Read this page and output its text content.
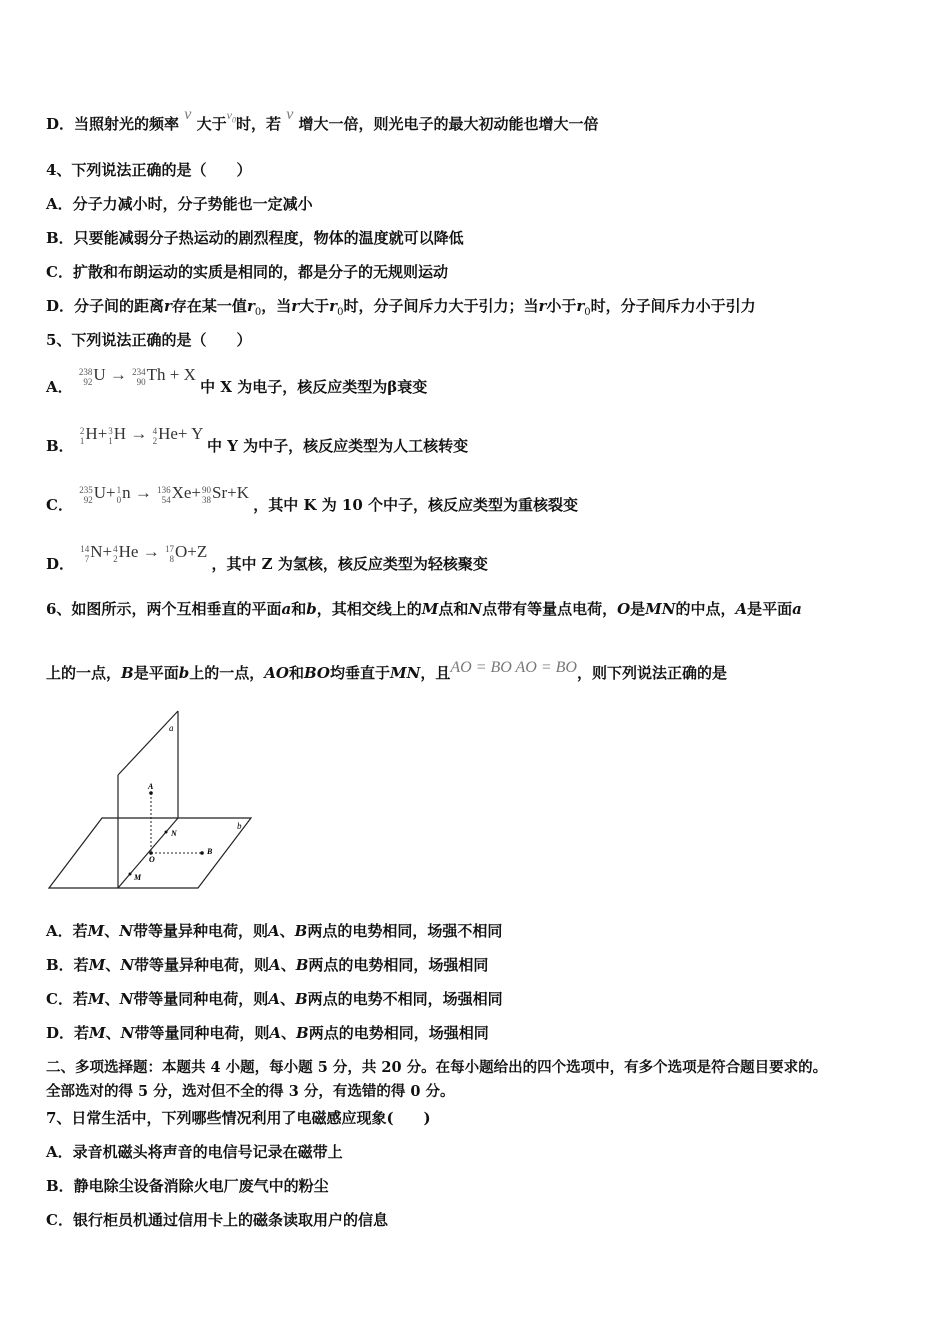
D．当照射光的频率 ν 大于$^{\nu_0}$时，若 ν 增大一倍，则光电子的最大初动能也增大一倍
4、下列说法正确的是（　　）
A．分子力减小时，分子势能也一定减小
B．只要能减弱分子热运动的剧烈程度，物体的温度就可以降低
C．扩散和布朗运动的实质是相同的，都是分子的无规则运动
D．分子间的距离r存在某一值$r_0$，当r大于$r_0$时，分子间斥力大于引力；当r小于$r_0$时，分子间斥力小于引力
5、下列说法正确的是（　　）
A．
238
92 U → 234
90 Th + X 中 X 为电子，核反应类型为β衰变
B．
2
1 H+ 3
1 H → 4
2 He+ Y 中 Y 为中子，核反应类型为人工核转变
C．
235
92 U+ 1
0 n → 136
54 Xe+ 90
38 Sr+K ，其中 K 为 10 个中子，核反应类型为重核裂变
D．
14
7 N+ 4
2 He → 17
8 O+Z ，其中 Z 为氢核，核反应类型为轻核聚变
6、如图所示，两个互相垂直的平面a和b，其相交线上的M点和N点带有等量点电荷，O是MN的中点，A是平面a
上的一点，B是平面b上的一点，AO和BO均垂直于MN，且AO = BO AO = BO，则下列说法正确的是
a
b
A
N
B
O
M
A．若M、N带等量异种电荷，则A、B两点的电势相同，场强不相同
B．若M、N带等量异种电荷，则A、B两点的电势相同，场强相同
C．若M、N带等量同种电荷，则A、B两点的电势不相同，场强相同
D．若M、N带等量同种电荷，则A、B两点的电势相同，场强相同
二、多项选择题：本题共 4 小题，每小题 5 分，共 20 分。在每小题给出的四个选项中，有多个选项是符合题目要求的。
全部选对的得 5 分，选对但不全的得 3 分，有选错的得 0 分。
7、日常生活中，下列哪些情况利用了电磁感应现象(　　)
A．录音机磁头将声音的电信号记录在磁带上
B．静电除尘设备消除火电厂废气中的粉尘
C．银行柜员机通过信用卡上的磁条读取用户的信息
